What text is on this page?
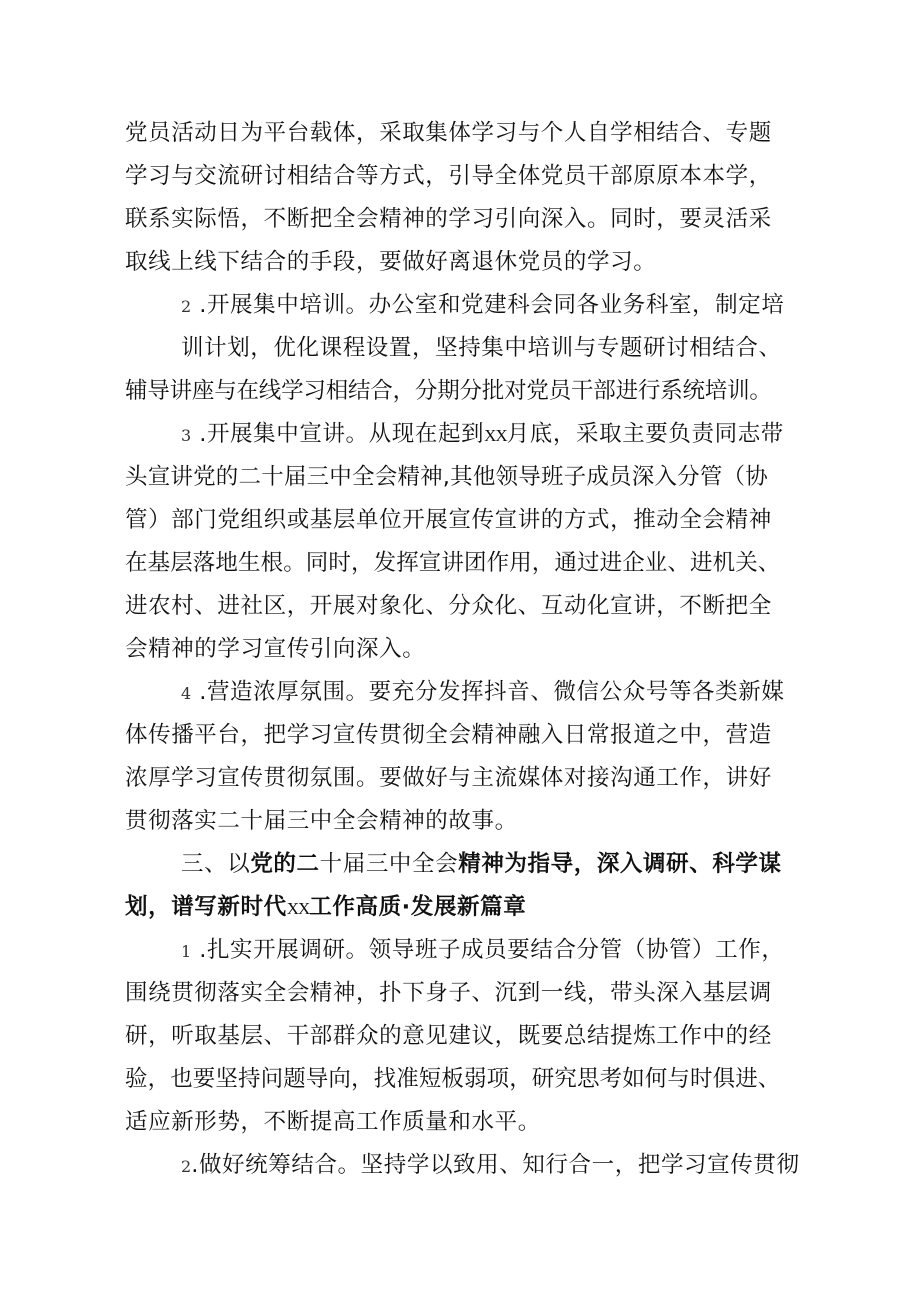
党员活动日为平台载体，采取集体学习与个人自学相结合、专题
学习与交流研讨相结合等方式，引导全体党员干部原原本本学，
联系实际悟，不断把全会精神的学习引向深入。同时，要灵活采
取线上线下结合的手段，要做好离退休党员的学习。
2 .开展集中培训。办公室和党建科会同各业务科室，制定培
训计划，优化课程设置，坚持集中培训与专题研讨相结合、
辅导讲座与在线学习相结合，分期分批对党员干部进行系统培训。
3 .开展集中宣讲。从现在起到XX月底，采取主要负责同志带
头宣讲党的二十届三中全会精神,其他领导班子成员深入分管（协
管）部门党组织或基层单位开展宣传宣讲的方式，推动全会精神
在基层落地生根。同时，发挥宣讲团作用，通过进企业、进机关、
进农村、进社区，开展对象化、分众化、互动化宣讲，不断把全
会精神的学习宣传引向深入。
4 .营造浓厚氛围。要充分发挥抖音、微信公众号等各类新媒
体传播平台，把学习宣传贯彻全会精神融入日常报道之中，营造
浓厚学习宣传贯彻氛围。要做好与主流媒体对接沟通工作，讲好
贯彻落实二十届三中全会精神的故事。
三、以党的二十届三中全会精神为指导，深入调研、科学谋
划，谱写新时代XX工作高质·发展新篇章
1 .扎实开展调研。领导班子成员要结合分管（协管）工作，
围绕贯彻落实全会精神，扑下身子、沉到一线，带头深入基层调
研，听取基层、干部群众的意见建议，既要总结提炼工作中的经
验，也要坚持问题导向，找准短板弱项，研究思考如何与时俱进、
适应新形势，不断提高工作质量和水平。
2.做好统筹结合。坚持学以致用、知行合一，把学习宣传贯彻
